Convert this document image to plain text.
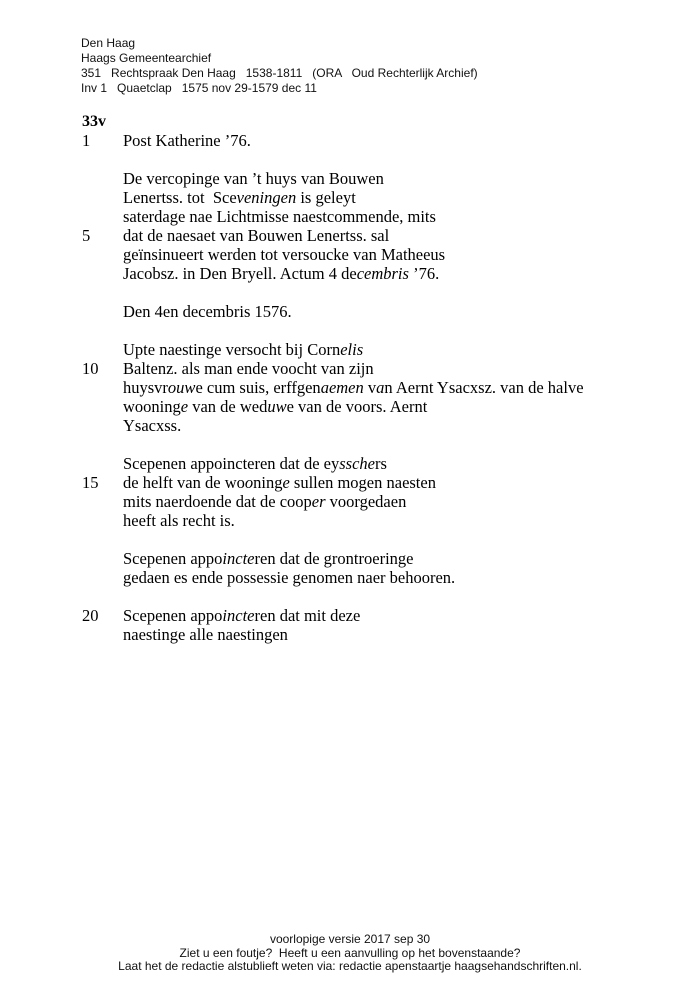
Den Haag
Haags Gemeentearchief
351   Rechtspraak Den Haag   1538-1811   (ORA   Oud Rechterlijk Archief)
Inv 1   Quaetclap   1575 nov 29-1579 dec 11
33v
1	Post Katherine ’76.
De vercopinge van ’t huys van Bouwen
Lenertss. tot  Sceveningen is geleyt
saterdage nae Lichtmisse naestcommende, mits
5	dat de naesaet van Bouwen Lenertss. sal
geïnsinueert werden tot versoucke van Matheeus
Jacobsz. in Den Bryell. Actum 4 decembris ’76.
Den 4en decembris 1576.
Upte naestinge versocht bij Cornelis
10	Baltenz. als man ende voocht van zijn
huysvrouwe cum suis, erffgenaemen van Aernt Ysacxsz. van de halve
wooninge van de weduwe van de voors. Aernt
Ysacxss.
Scepenen appoincteren dat de eysschers
15	de helft van de wooninge sullen mogen naesten
mits naerdoende dat de cooper voorgedaen
heeft als recht is.
Scepenen appoincteren dat de grontroeringe
gedaen es ende possessie genomen naer behooren.
20	Scepenen appoincteren dat mit deze
naestinge alle naestingen
voorlopige versie 2017 sep 30
Ziet u een foutje?  Heeft u een aanvulling op het bovenstaande?
Laat het de redactie alstublieft weten via: redactie apenstaartje haagsehandschriften.nl.
